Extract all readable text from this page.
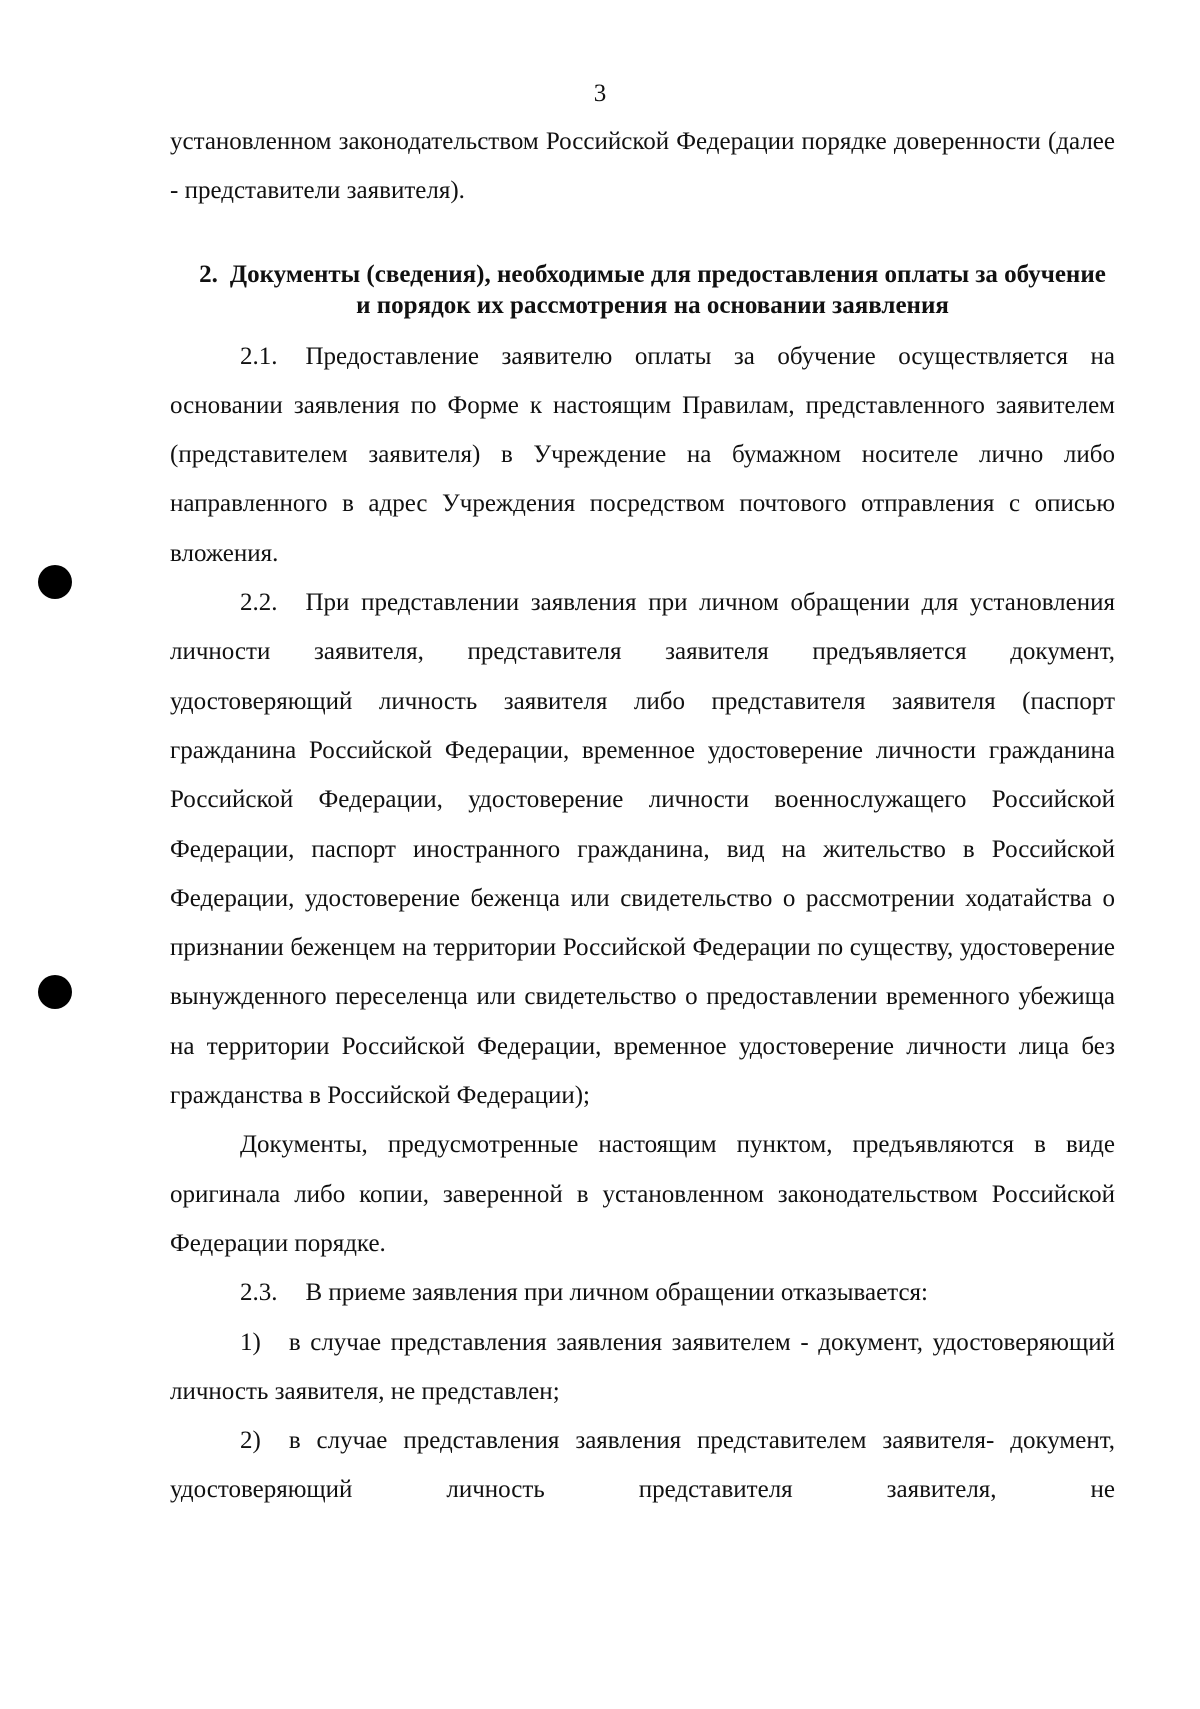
3

установленном законодательством Российской Федерации порядке доверенности (далее - представители заявителя).

2. Документы (сведения), необходимые для предоставления оплаты за обучение и порядок их рассмотрения на основании заявления

2.1. Предоставление заявителю оплаты за обучение осуществляется на основании заявления по Форме к настоящим Правилам, представленного заявителем (представителем заявителя) в Учреждение на бумажном носителе лично либо направленного в адрес Учреждения посредством почтового отправления с описью вложения.

2.2. При представлении заявления при личном обращении для установления личности заявителя, представителя заявителя предъявляется документ, удостоверяющий личность заявителя либо представителя заявителя (паспорт гражданина Российской Федерации, временное удостоверение личности гражданина Российской Федерации, удостоверение личности военнослужащего Российской Федерации, паспорт иностранного гражданина, вид на жительство в Российской Федерации, удостоверение беженца или свидетельство о рассмотрении ходатайства о признании беженцем на территории Российской Федерации по существу, удостоверение вынужденного переселенца или свидетельство о предоставлении временного убежища на территории Российской Федерации, временное удостоверение личности лица без гражданства в Российской Федерации);

Документы, предусмотренные настоящим пунктом, предъявляются в виде оригинала либо копии, заверенной в установленном законодательством Российской Федерации порядке.

2.3. В приеме заявления при личном обращении отказывается:

1) в случае представления заявления заявителем - документ, удостоверяющий личность заявителя, не представлен;

2) в случае представления заявления представителем заявителя- документ, удостоверяющий личность представителя заявителя, не
